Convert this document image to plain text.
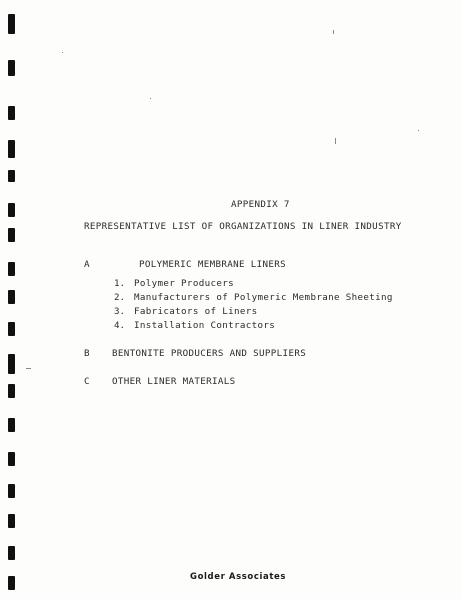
APPENDIX 7
REPRESENTATIVE LIST OF ORGANIZATIONS IN LINER INDUSTRY
A	POLYMERIC MEMBRANE LINERS
1. Polymer Producers
2. Manufacturers of Polymeric Membrane Sheeting
3. Fabricators of Liners
4. Installation Contractors
B BENTONITE PRODUCERS AND SUPPLIERS
C OTHER LINER MATERIALS
Golder Associates
